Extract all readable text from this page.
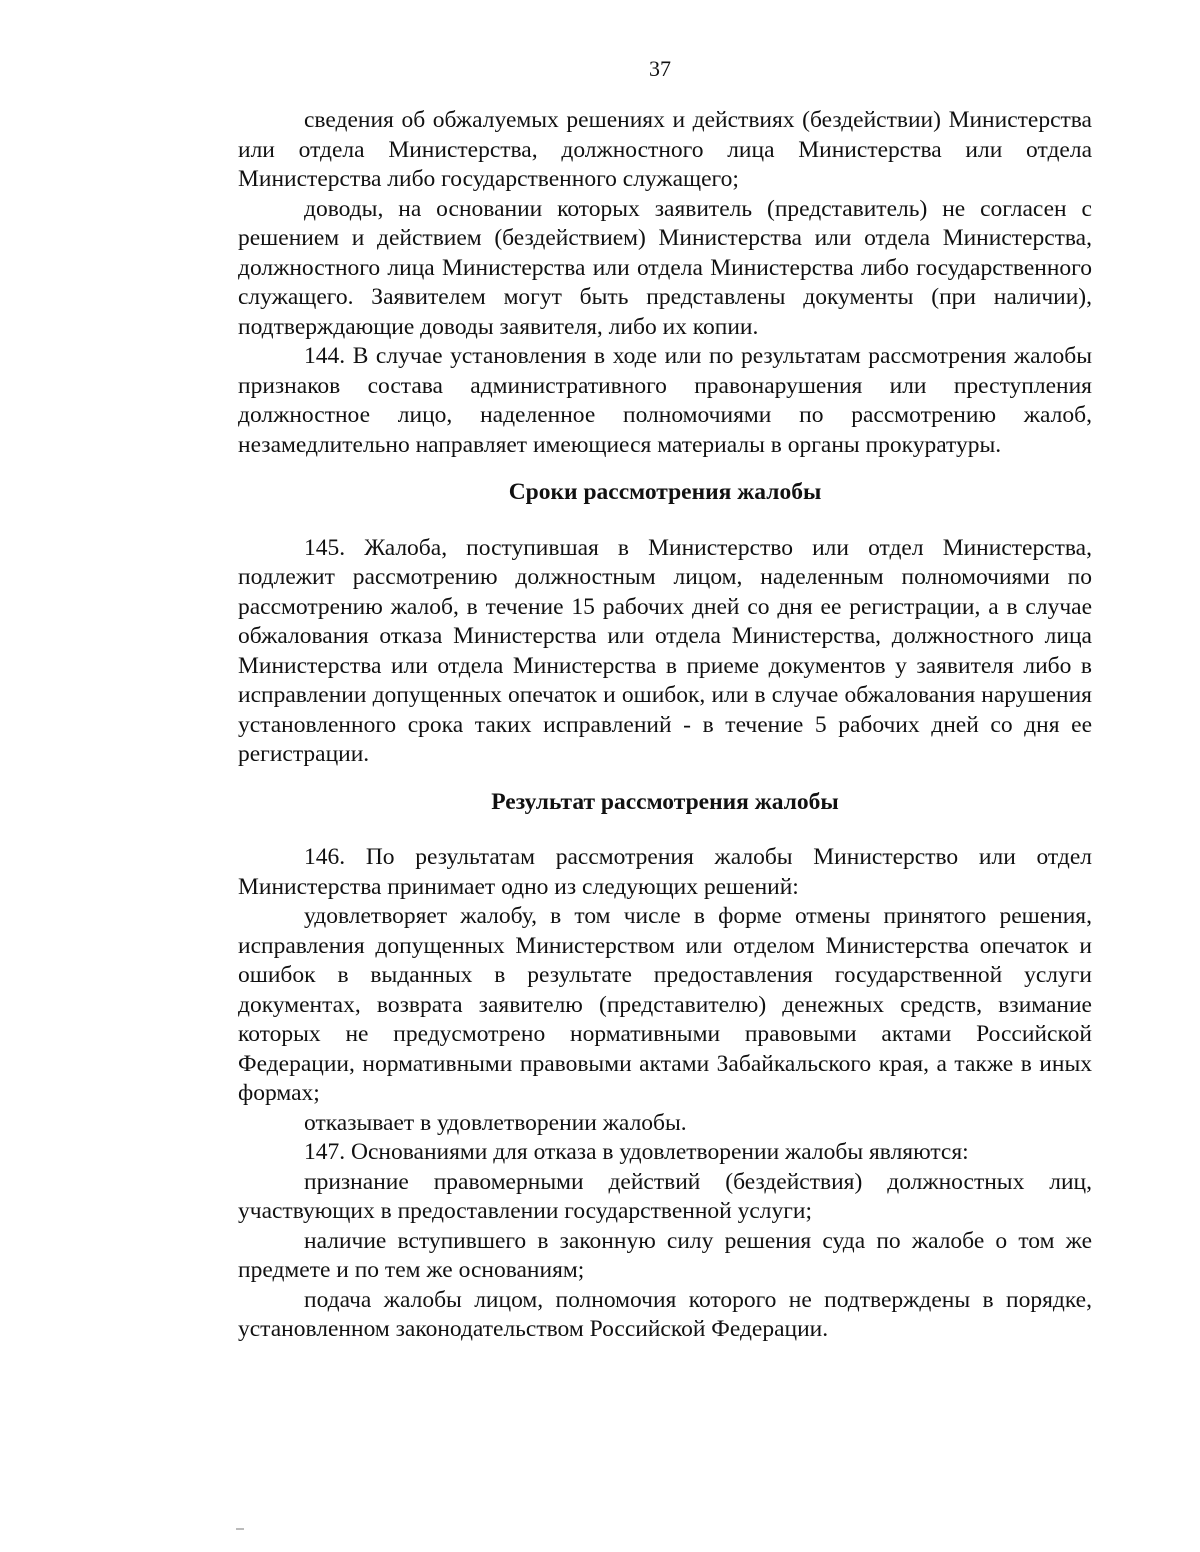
37

сведения об обжалуемых решениях и действиях (бездействии) Министерства или отдела Министерства, должностного лица Министерства или отдела Министерства либо государственного служащего;

доводы, на основании которых заявитель (представитель) не согласен с решением и действием (бездействием) Министерства или отдела Министерства, должностного лица Министерства или отдела Министерства либо государственного служащего. Заявителем могут быть представлены документы (при наличии), подтверждающие доводы заявителя, либо их копии.

144. В случае установления в ходе или по результатам рассмотрения жалобы признаков состава административного правонарушения или преступления должностное лицо, наделенное полномочиями по рассмотрению жалоб, незамедлительно направляет имеющиеся материалы в органы прокуратуры.

Сроки рассмотрения жалобы

145. Жалоба, поступившая в Министерство или отдел Министерства, подлежит рассмотрению должностным лицом, наделенным полномочиями по рассмотрению жалоб, в течение 15 рабочих дней со дня ее регистрации, а в случае обжалования отказа Министерства или отдела Министерства, должностного лица Министерства или отдела Министерства в приеме документов у заявителя либо в исправлении допущенных опечаток и ошибок, или в случае обжалования нарушения установленного срока таких исправлений - в течение 5 рабочих дней со дня ее регистрации.

Результат рассмотрения жалобы

146. По результатам рассмотрения жалобы Министерство или отдел Министерства принимает одно из следующих решений:

удовлетворяет жалобу, в том числе в форме отмены принятого решения, исправления допущенных Министерством или отделом Министерства опечаток и ошибок в выданных в результате предоставления государственной услуги документах, возврата заявителю (представителю) денежных средств, взимание которых не предусмотрено нормативными правовыми актами Российской Федерации, нормативными правовыми актами Забайкальского края, а также в иных формах;

отказывает в удовлетворении жалобы.

147. Основаниями для отказа в удовлетворении жалобы являются:

признание правомерными действий (бездействия) должностных лиц, участвующих в предоставлении государственной услуги;

наличие вступившего в законную силу решения суда по жалобе о том же предмете и по тем же основаниям;

подача жалобы лицом, полномочия которого не подтверждены в порядке, установленном законодательством Российской Федерации.
